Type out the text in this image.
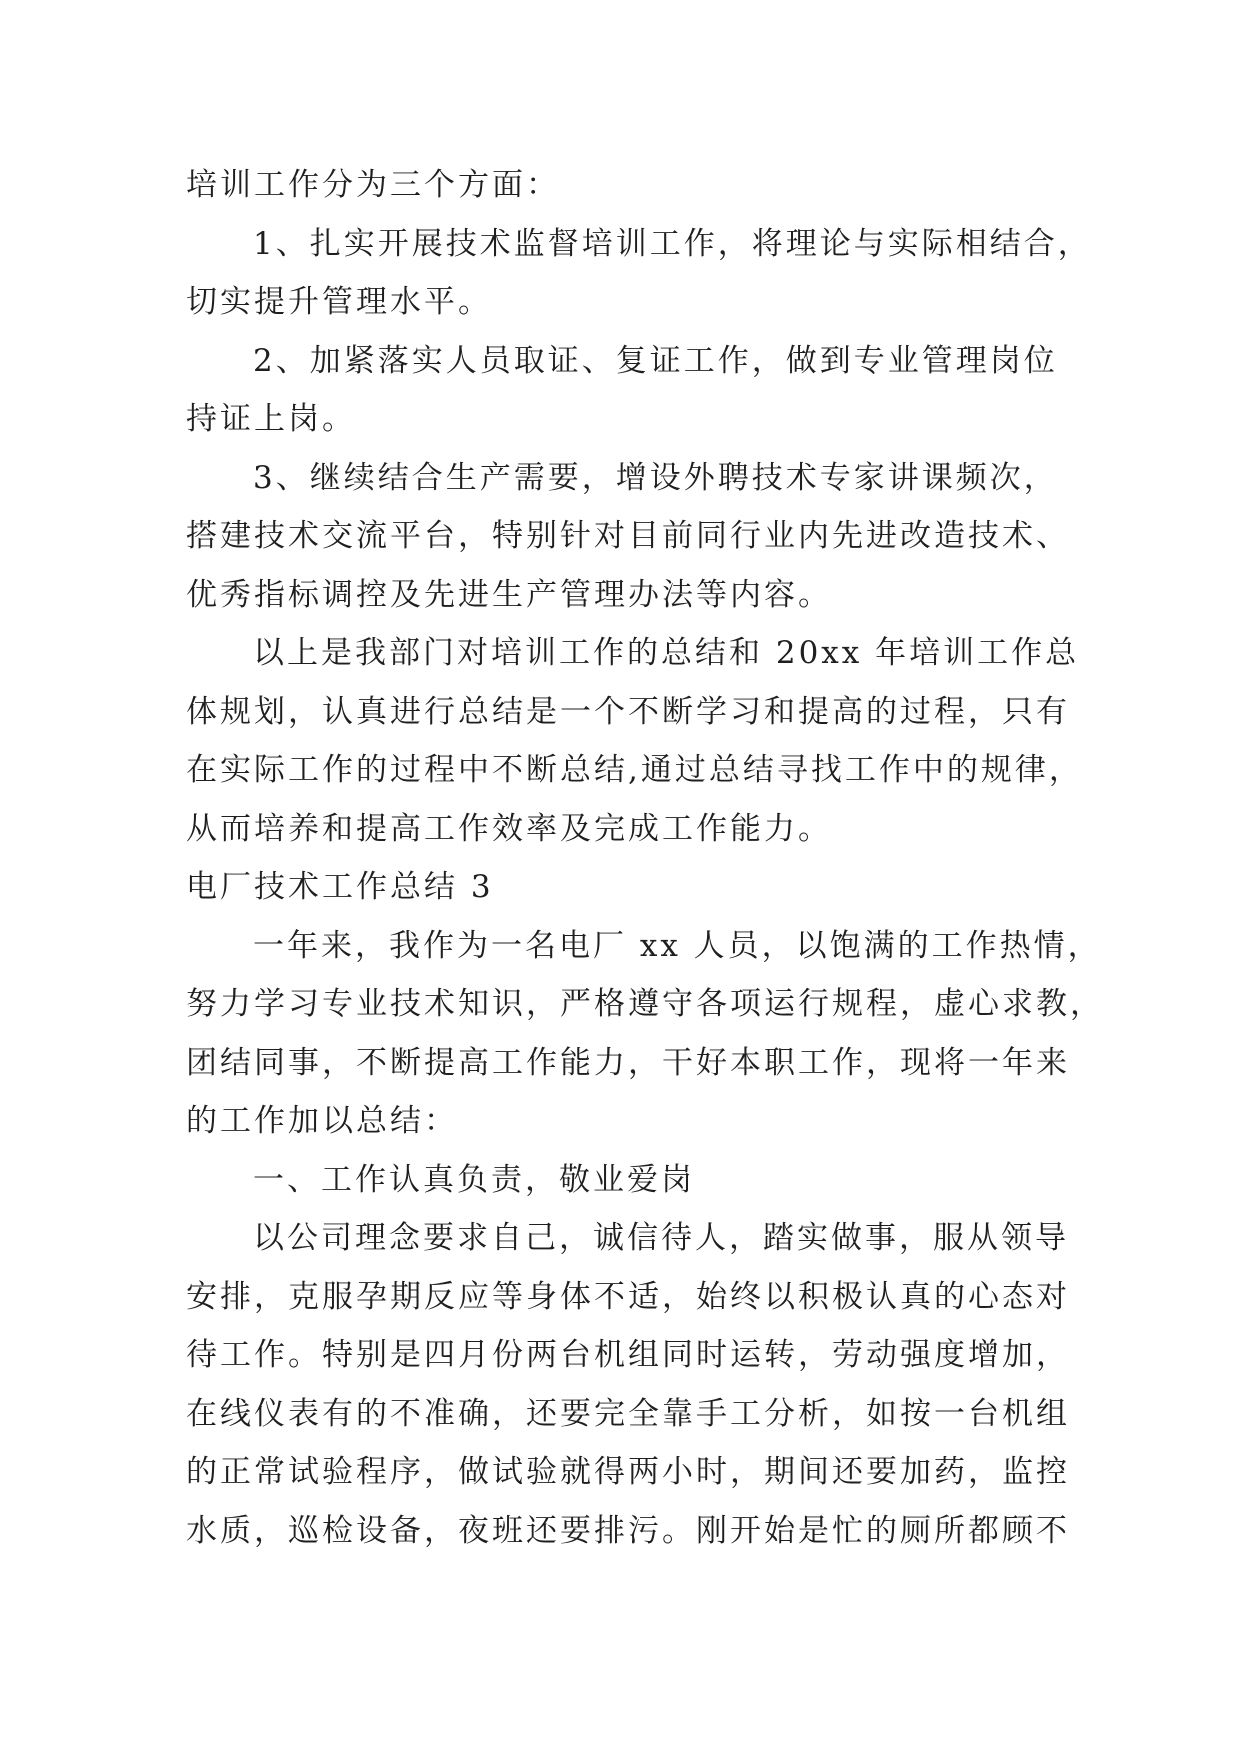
培训工作分为三个方面：
1、扎实开展技术监督培训工作，将理论与实际相结合，
切实提升管理水平。
2、加紧落实人员取证、复证工作，做到专业管理岗位
持证上岗。
3、继续结合生产需要，增设外聘技术专家讲课频次，
搭建技术交流平台，特别针对目前同行业内先进改造技术、
优秀指标调控及先进生产管理办法等内容。
以上是我部门对培训工作的总结和 20xx 年培训工作总
体规划，认真进行总结是一个不断学习和提高的过程，只有
在实际工作的过程中不断总结,通过总结寻找工作中的规律，
从而培养和提高工作效率及完成工作能力。
电厂技术工作总结 3
一年来，我作为一名电厂 xx 人员，以饱满的工作热情，
努力学习专业技术知识，严格遵守各项运行规程，虚心求教，
团结同事，不断提高工作能力，干好本职工作，现将一年来
的工作加以总结：
一、工作认真负责，敬业爱岗
以公司理念要求自己，诚信待人，踏实做事，服从领导
安排，克服孕期反应等身体不适，始终以积极认真的心态对
待工作。特别是四月份两台机组同时运转，劳动强度增加，
在线仪表有的不准确，还要完全靠手工分析，如按一台机组
的正常试验程序，做试验就得两小时，期间还要加药，监控
水质，巡检设备，夜班还要排污。刚开始是忙的厕所都顾不
